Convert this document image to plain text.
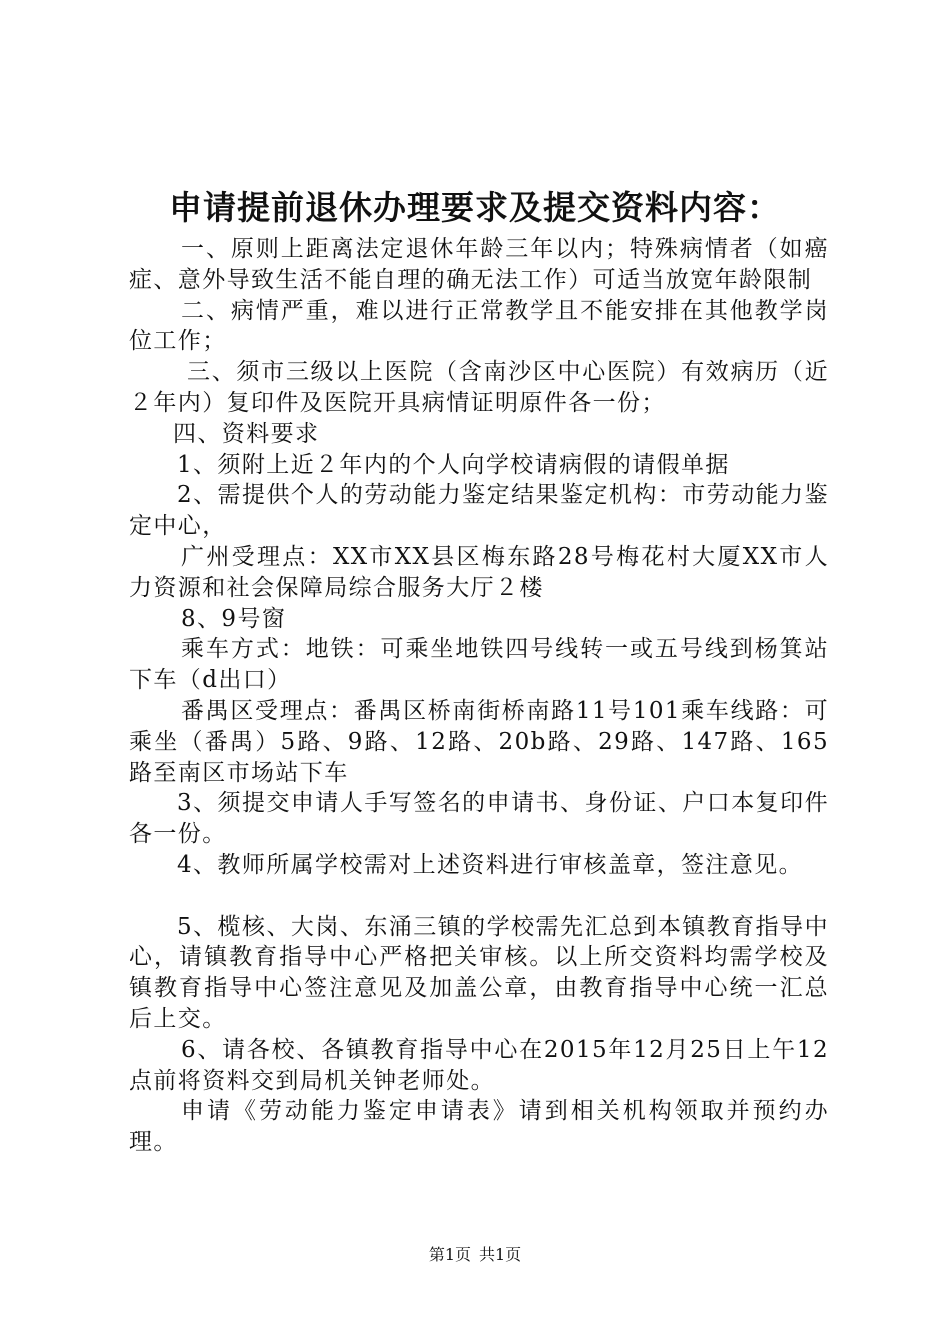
申请提前退休办理要求及提交资料内容：

一、原则上距离法定退休年龄三年以内；特殊病情者（如癌症、意外导致生活不能自理的确无法工作）可适当放宽年龄限制

二、病情严重，难以进行正常教学且不能安排在其他教学岗位工作；

三、须市三级以上医院（含南沙区中心医院）有效病历（近２年内）复印件及医院开具病情证明原件各一份；

四、资料要求

1、须附上近２年内的个人向学校请病假的请假单据

2、需提供个人的劳动能力鉴定结果鉴定机构：市劳动能力鉴定中心，

广州受理点：XX市XX县区梅东路28号梅花村大厦XX市人力资源和社会保障局综合服务大厅２楼

8、9号窗

乘车方式：地铁：可乘坐地铁四号线转一或五号线到杨箕站下车（d出口）

番禺区受理点：番禺区桥南街桥南路11号101乘车线路：可乘坐（番禺）5路、9路、12路、20b路、29路、147路、165路至南区市场站下车

3、须提交申请人手写签名的申请书、身份证、户口本复印件各一份。

4、教师所属学校需对上述资料进行审核盖章，签注意见。

5、榄核、大岗、东涌三镇的学校需先汇总到本镇教育指导中心，请镇教育指导中心严格把关审核。以上所交资料均需学校及镇教育指导中心签注意见及加盖公章，由教育指导中心统一汇总后上交。

6、请各校、各镇教育指导中心在2015年12月25日上午12点前将资料交到局机关钟老师处。

申请《劳动能力鉴定申请表》请到相关机构领取并预约办理。

第1页 共1页
